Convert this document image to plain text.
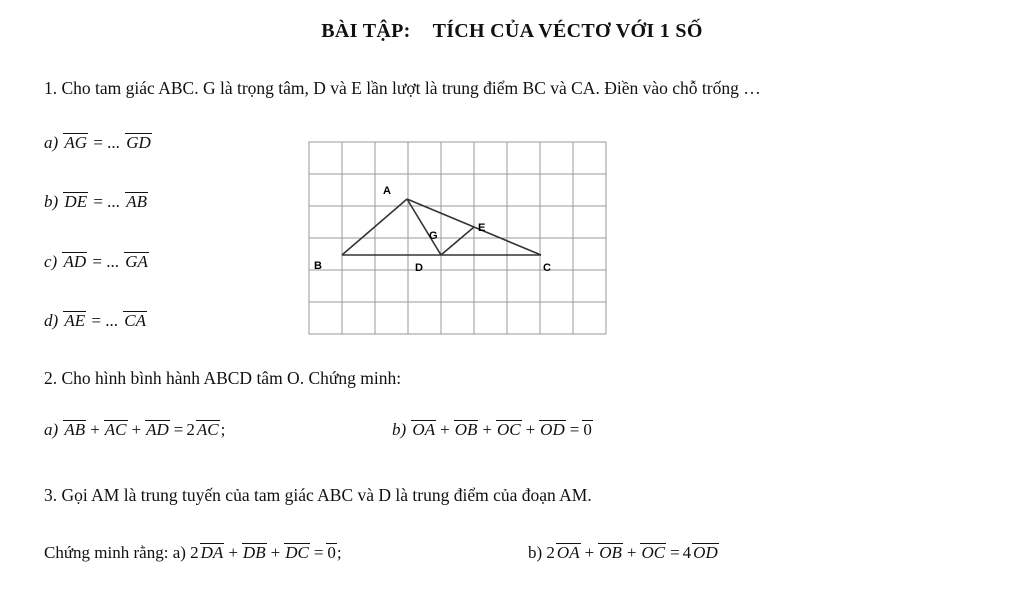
BÀI TẬP: TÍCH CỦA VÉCTƠ VỚI 1 SỐ
1. Cho tam giác ABC. G là trọng tâm, D và E lần lượt là trung điểm BC và CA. Điền vào chỗ trống …
a) AG = ... GD
b) DE = ... AB
c) AD = ... GA
d) AE = ... CA
A
B	C
D
E
G
2. Cho hình bình hành ABCD tâm O. Chứng minh:
a) AB + AC + AD = 2 AC ;	b) OA + OB + OC + OD = 0
3. Gọi AM là trung tuyến của tam giác ABC và D là trung điểm của đoạn AM.
Chứng minh rằng: a) 2 DA + DB + DC = 0;	b) 2 OA + OB + OC = 4 OD
